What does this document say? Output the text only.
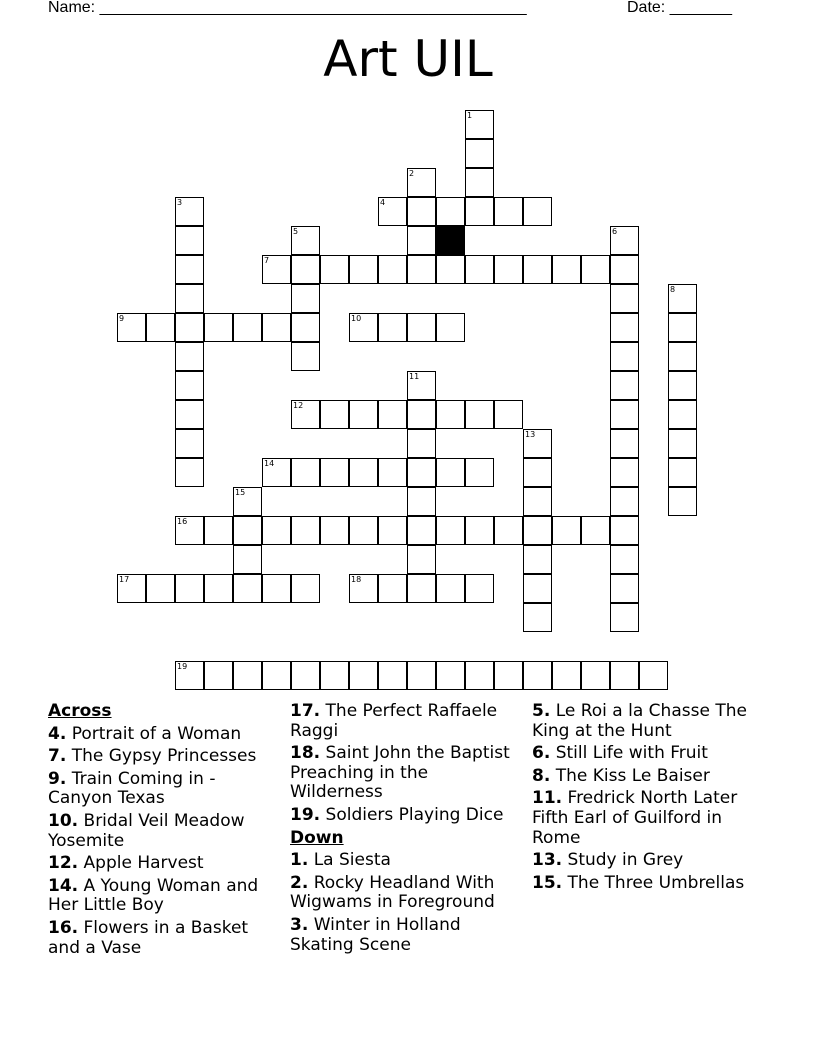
Name: ________________________________________________	Date: _______
Art UIL
1
2
3	4
5	6
7
8
9	10
11
12
13
14
15
16
17	18
19
Across
4. Portrait of a Woman
7. The Gypsy Princesses
9. Train Coming in - Canyon Texas
10. Bridal Veil Meadow Yosemite
12. Apple Harvest
14. A Young Woman and Her Little Boy
16. Flowers in a Basket and a Vase
17. The Perfect Raffaele Raggi
18. Saint John the Baptist Preaching in the Wilderness
19. Soldiers Playing Dice
Down
1. La Siesta
2. Rocky Headland With Wigwams in Foreground
3. Winter in Holland Skating Scene
5. Le Roi a la Chasse The King at the Hunt
6. Still Life with Fruit
8. The Kiss Le Baiser
11. Fredrick North Later Fifth Earl of Guilford in Rome
13. Study in Grey
15. The Three Umbrellas
